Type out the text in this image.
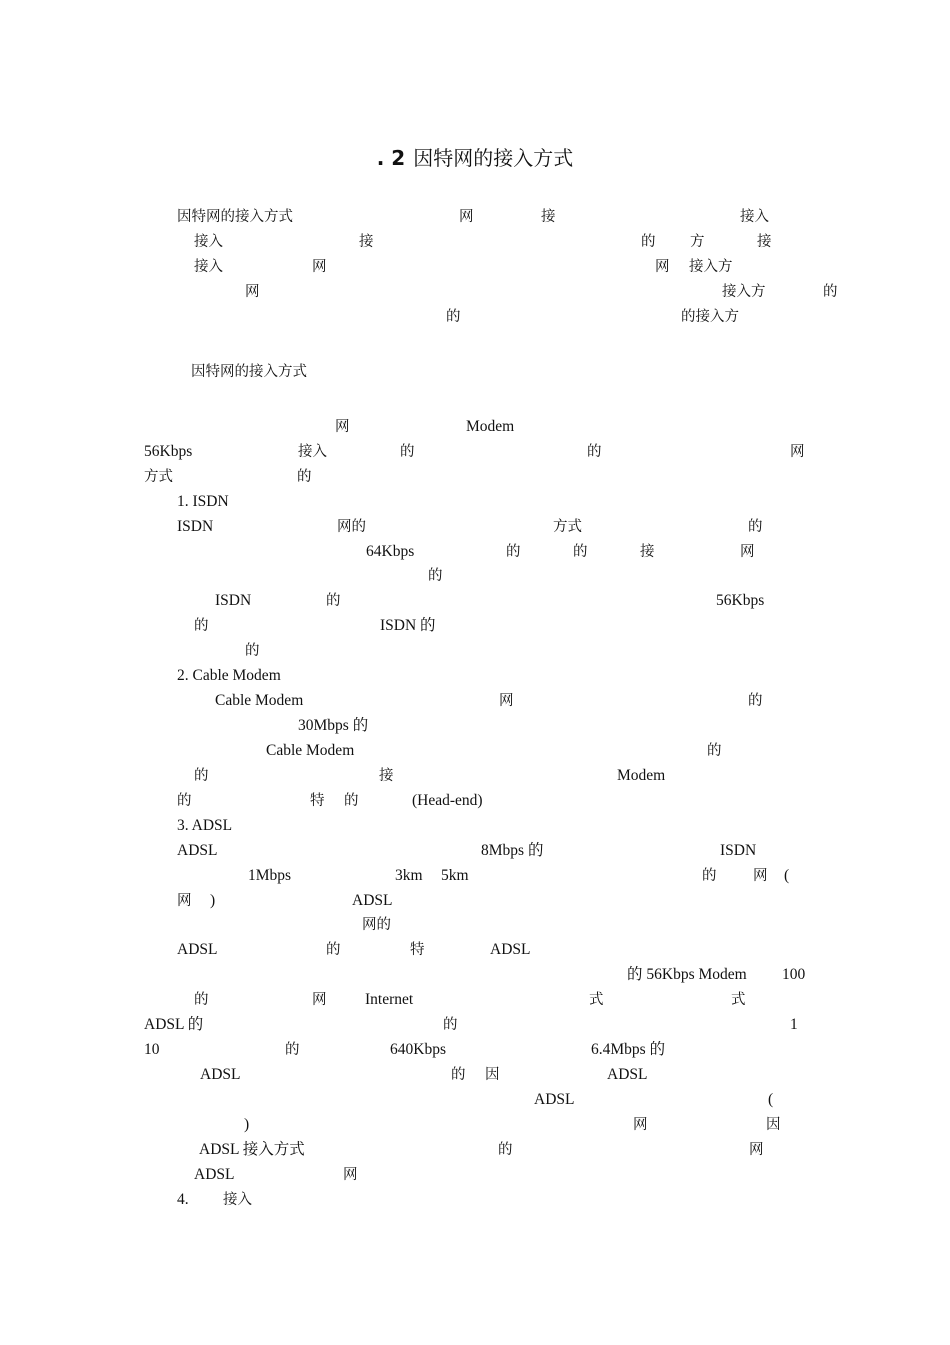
. 2 因特网的接入方式
因特网的接入方式	网	接	接入
接入	接	的 方	接
接入	网	网 接入方
网	接入方	的
的	的接入方
因特网的接入方式
网	Modem
56Kbps	接入	的	的	网
方式	的
1. ISDN
ISDN	网的	方式	的
64Kbps	的	的	接	网
的
ISDN	的	56Kbps
的	ISDN 的
的
2. Cable Modem
Cable Modem	网	的
30Mbps 的
Cable Modem	的
的	接	Modem
的	特 的	(Head-end)
3. ADSL
ADSL	8Mbps 的	ISDN
1Mbps	3km 5km	的	网 (
网 )	ADSL
网的
ADSL	的	特	ADSL
的 56Kbps Modem 100
的	网 Internet	式	式
ADSL 的	的	1
10	的	640Kbps	6.4Mbps 的
ADSL	的 因	ADSL
ADSL	(
)	网	因
ADSL 接入方式	的	网
ADSL	网
4. 接入
